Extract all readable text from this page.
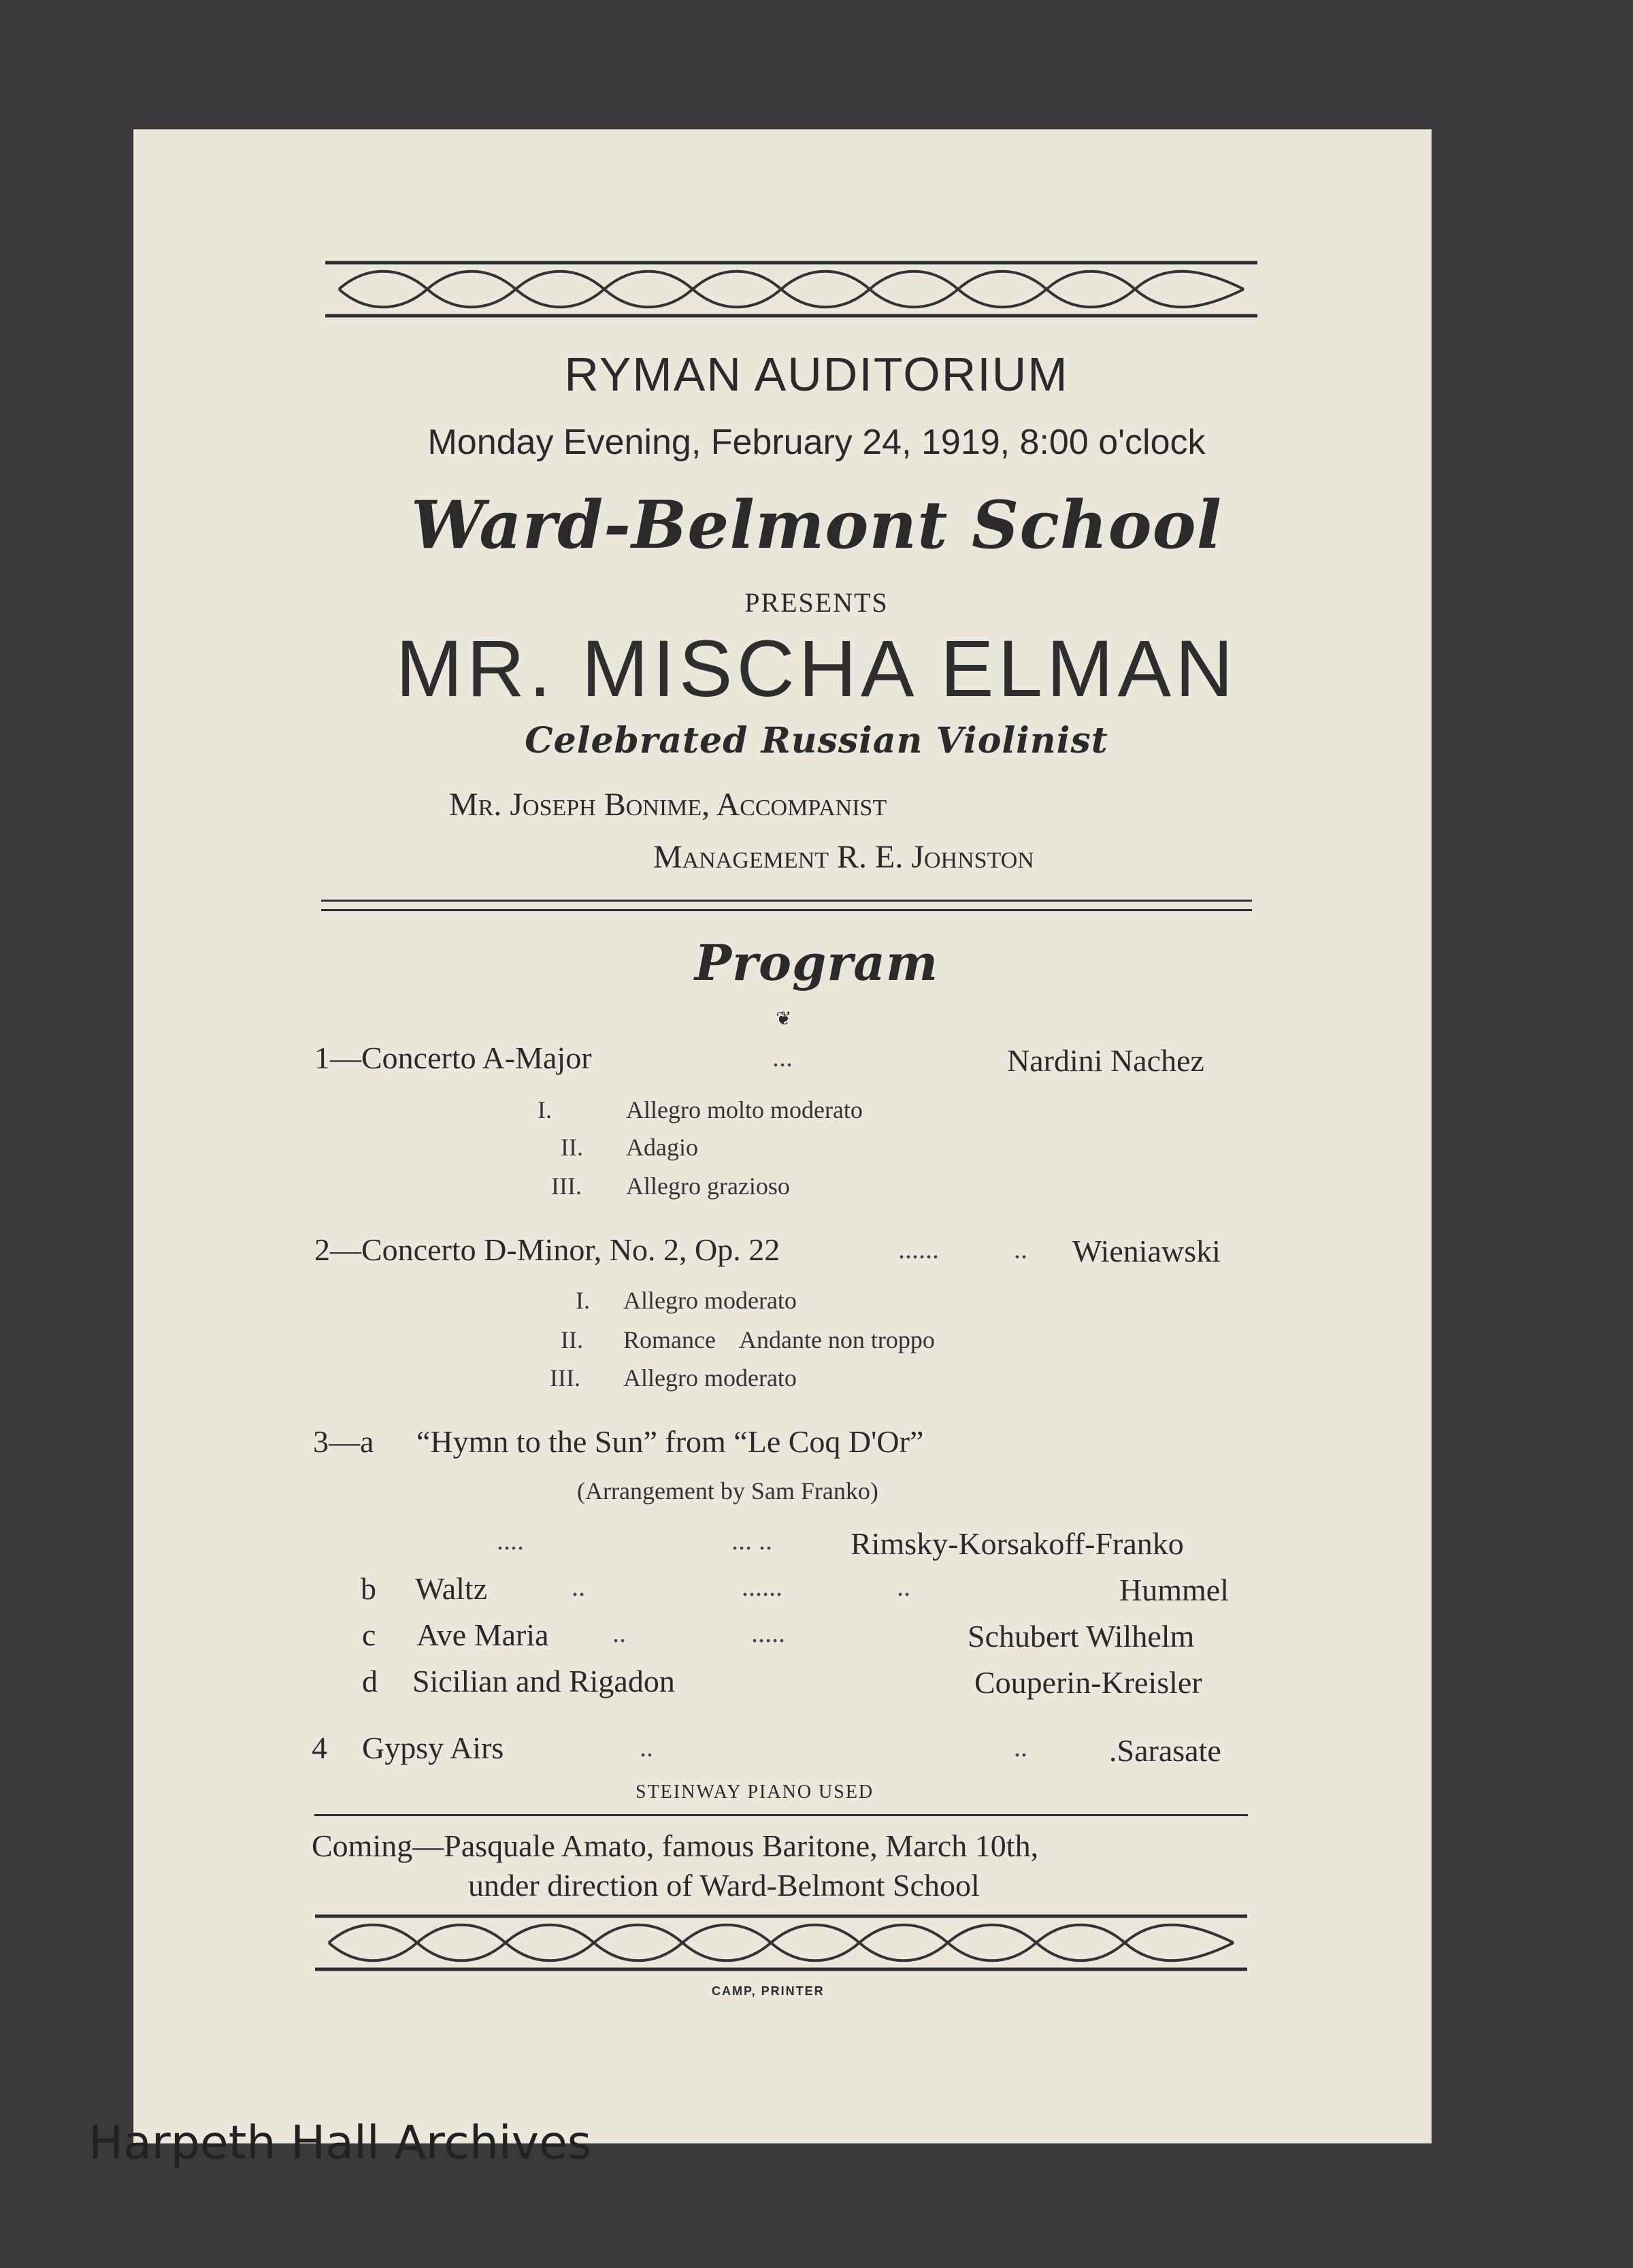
RYMAN AUDITORIUM
Monday Evening, February 24, 1919, 8:00 o'clock
Ward-Belmont School
PRESENTS
MR. MISCHA ELMAN
Celebrated Russian Violinist
Mr. Joseph Bonime, Accompanist
Management R. E. Johnston
Program
❦
1—Concerto A-Major	...	Nardini Nachez
I.	Allegro molto moderato
II. Adagio
III. Allegro grazioso
2—Concerto D-Minor, No. 2, Op. 22	......	.. Wieniawski
I. Allegro moderato
II. Romance    Andante non troppo
III. Allegro moderato
3—a “Hymn to the Sun” from “Le Coq D'Or”
(Arrangement by Sam Franko)
....	... ..	Rimsky-Korsakoff-Franko
b Waltz	..	......	..	Hummel
c Ave Maria ..	.....	Schubert Wilhelm
d Sicilian and Rigadon	Couperin-Kreisler
4 Gypsy Airs	..	..	.Sarasate
STEINWAY PIANO USED
Coming—Pasquale Amato, famous Baritone, March 10th,
under direction of Ward-Belmont School
CAMP, PRINTER
Harpeth Hall Archives
